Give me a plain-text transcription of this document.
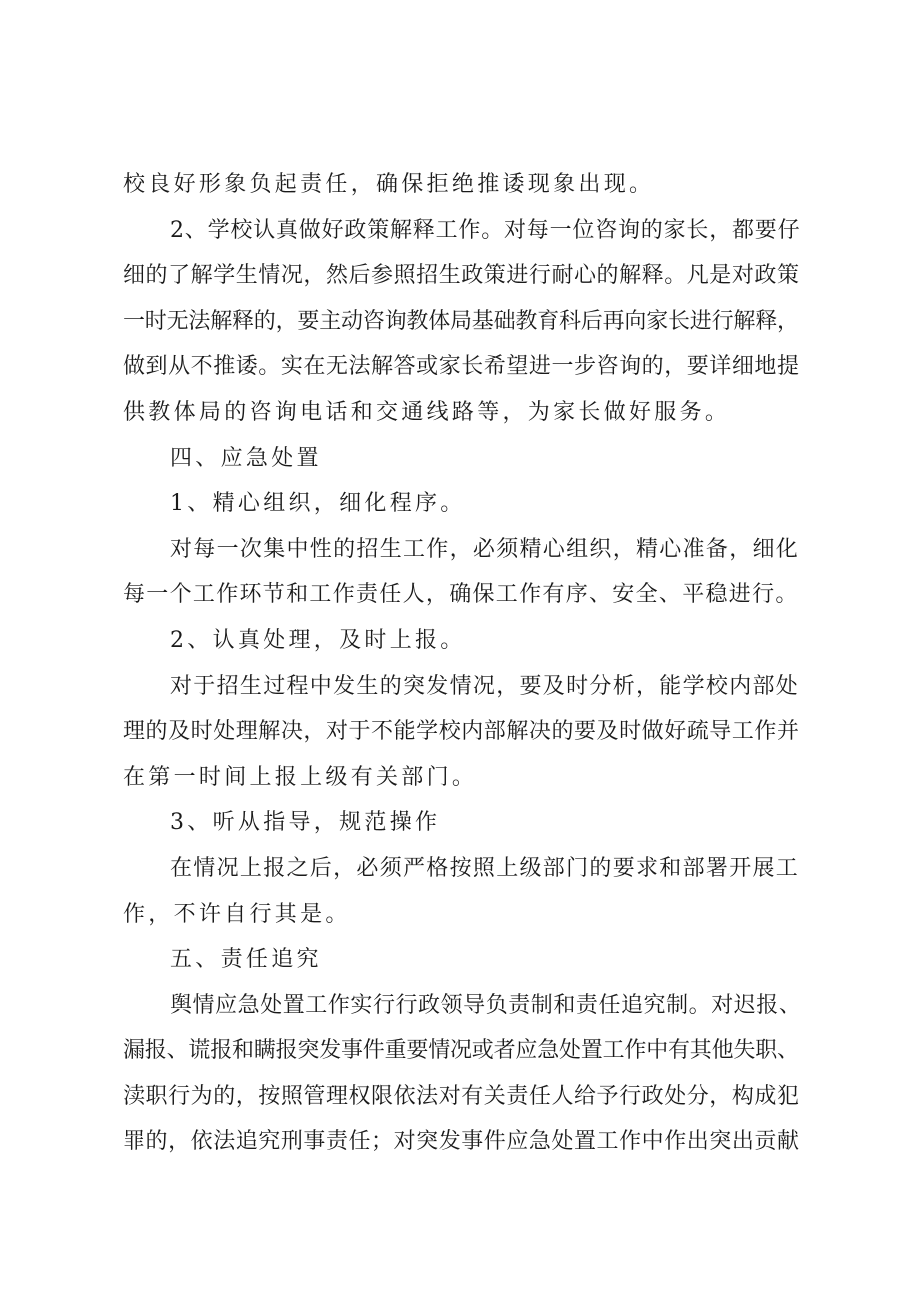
校良好形象负起责任，确保拒绝推诿现象出现。
2、学校认真做好政策解释工作。对每一位咨询的家长，都要仔
细的了解学生情况，然后参照招生政策进行耐心的解释。凡是对政策
一时无法解释的，要主动咨询教体局基础教育科后再向家长进行解释，
做到从不推诿。实在无法解答或家长希望进一步咨询的，要详细地提
供教体局的咨询电话和交通线路等，为家长做好服务。
四、应急处置
1、精心组织，细化程序。
对每一次集中性的招生工作，必须精心组织，精心准备，细化
每一个工作环节和工作责任人，确保工作有序、安全、平稳进行。
2、认真处理，及时上报。
对于招生过程中发生的突发情况，要及时分析，能学校内部处
理的及时处理解决，对于不能学校内部解决的要及时做好疏导工作并
在第一时间上报上级有关部门。
3、听从指导，规范操作
在情况上报之后，必须严格按照上级部门的要求和部署开展工
作，不许自行其是。
五、责任追究
舆情应急处置工作实行行政领导负责制和责任追究制。对迟报、
漏报、谎报和瞒报突发事件重要情况或者应急处置工作中有其他失职、
渎职行为的，按照管理权限依法对有关责任人给予行政处分，构成犯
罪的，依法追究刑事责任；对突发事件应急处置工作中作出突出贡献
